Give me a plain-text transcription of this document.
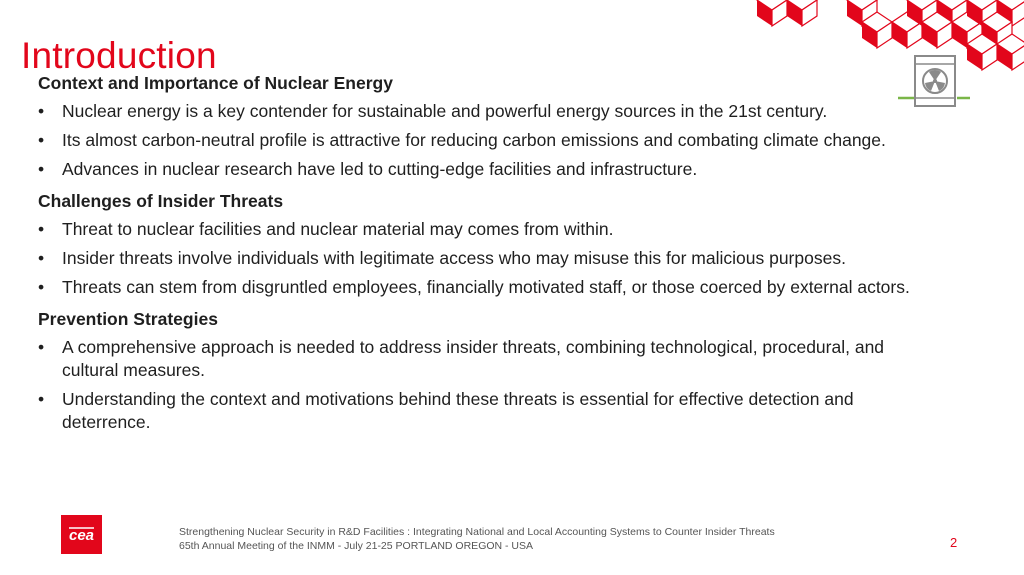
Introduction
Context and Importance of Nuclear Energy
• Nuclear energy is a key contender for sustainable and powerful energy sources in the 21st century.
• Its almost carbon-neutral profile is attractive for reducing carbon emissions and combating climate change.
• Advances in nuclear research have led to cutting-edge facilities and infrastructure.
Challenges of Insider Threats
• Threat to nuclear facilities and nuclear material may comes from within.
• Insider threats involve individuals with legitimate access who may misuse this for malicious purposes.
• Threats can stem from disgruntled employees, financially motivated staff, or those coerced by external actors.
Prevention Strategies
• A comprehensive approach is needed to address insider threats, combining technological, procedural, and cultural measures.
• Understanding the context and motivations behind these threats is essential for effective detection and deterrence.
cea	Strengthening Nuclear Security in R&D Facilities : Integrating National and Local Accounting Systems to Counter Insider Threats
65th Annual Meeting of the INMM - July 21-25 PORTLAND OREGON - USA	2
